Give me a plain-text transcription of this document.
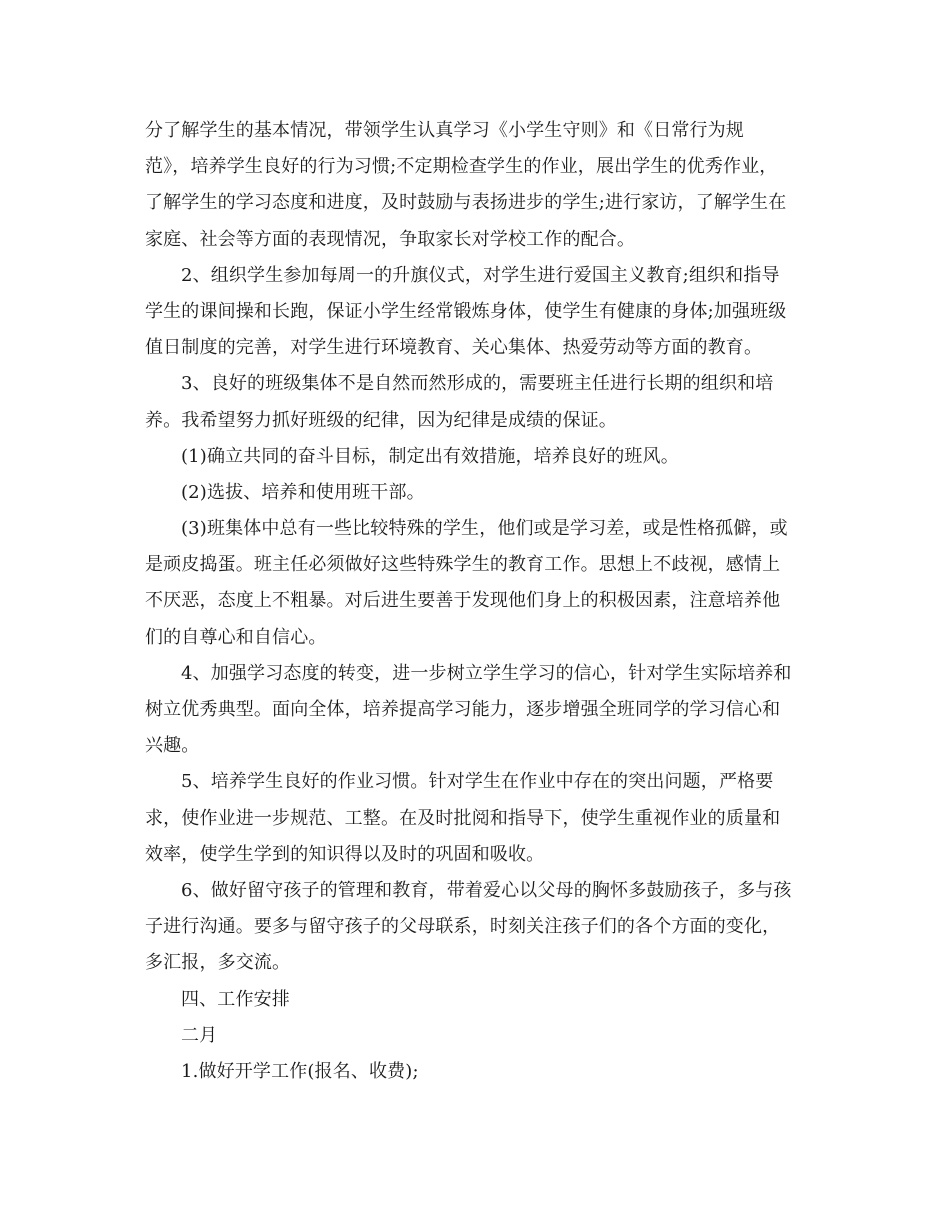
分了解学生的基本情况，带领学生认真学习《小学生守则》和《日常行为规
范》，培养学生良好的行为习惯;不定期检查学生的作业，展出学生的优秀作业，
了解学生的学习态度和进度，及时鼓励与表扬进步的学生;进行家访，了解学生在
家庭、社会等方面的表现情况，争取家长对学校工作的配合。
2、组织学生参加每周一的升旗仪式，对学生进行爱国主义教育;组织和指导
学生的课间操和长跑，保证小学生经常锻炼身体，使学生有健康的身体;加强班级
值日制度的完善，对学生进行环境教育、关心集体、热爱劳动等方面的教育。
3、良好的班级集体不是自然而然形成的，需要班主任进行长期的组织和培
养。我希望努力抓好班级的纪律，因为纪律是成绩的保证。
(1)确立共同的奋斗目标，制定出有效措施，培养良好的班风。
(2)选拔、培养和使用班干部。
(3)班集体中总有一些比较特殊的学生，他们或是学习差，或是性格孤僻，或
是顽皮捣蛋。班主任必须做好这些特殊学生的教育工作。思想上不歧视，感情上
不厌恶，态度上不粗暴。对后进生要善于发现他们身上的积极因素，注意培养他
们的自尊心和自信心。
4、加强学习态度的转变，进一步树立学生学习的信心，针对学生实际培养和
树立优秀典型。面向全体，培养提高学习能力，逐步增强全班同学的学习信心和
兴趣。
5、培养学生良好的作业习惯。针对学生在作业中存在的突出问题，严格要
求，使作业进一步规范、工整。在及时批阅和指导下，使学生重视作业的质量和
效率，使学生学到的知识得以及时的巩固和吸收。
6、做好留守孩子的管理和教育，带着爱心以父母的胸怀多鼓励孩子，多与孩
子进行沟通。要多与留守孩子的父母联系，时刻关注孩子们的各个方面的变化，
多汇报，多交流。
四、工作安排
二月
1.做好开学工作(报名、收费);
